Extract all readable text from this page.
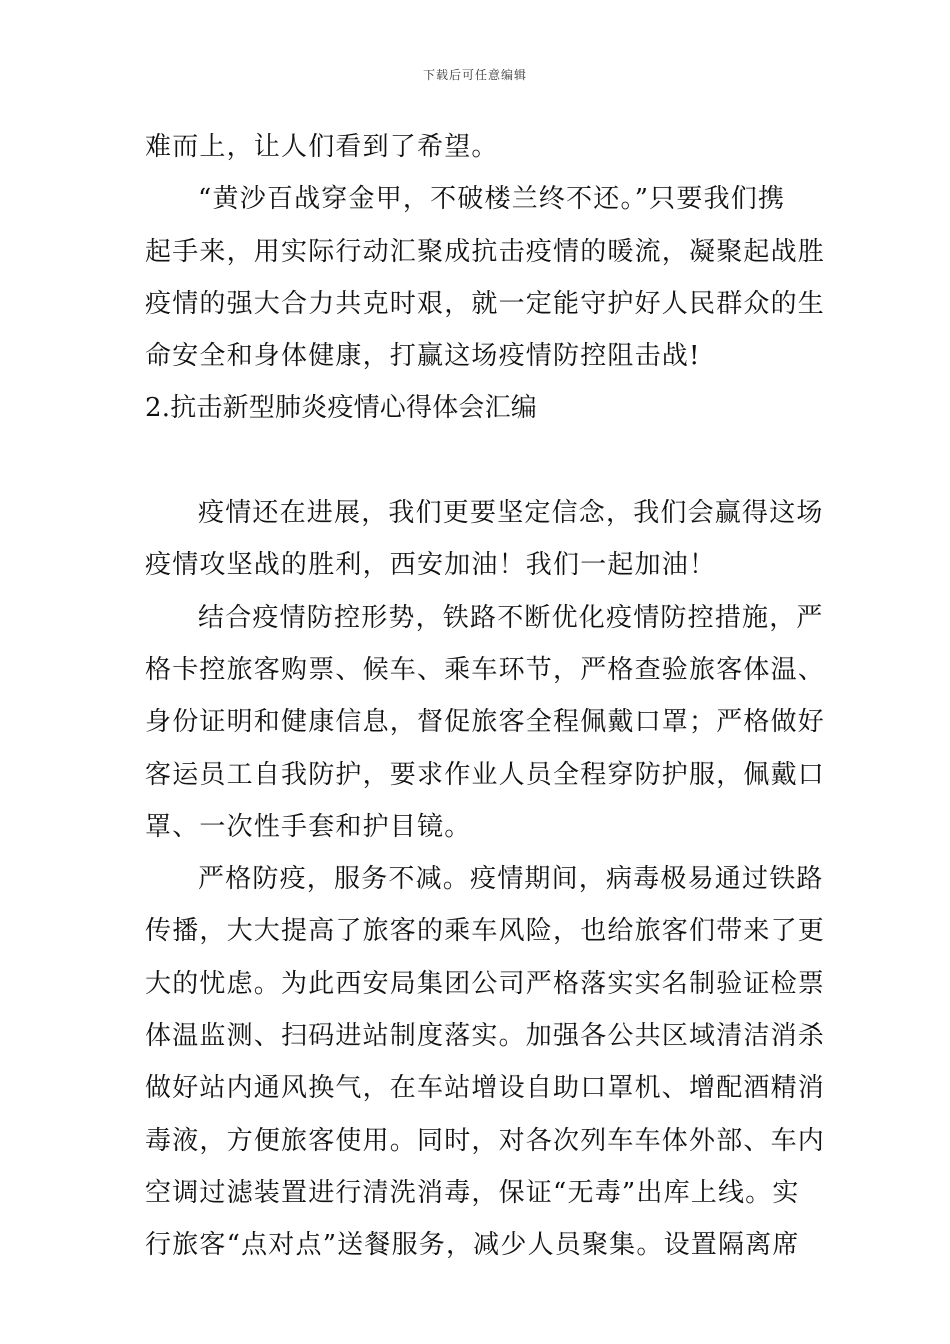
下载后可任意编辑
难而上，让人们看到了希望。
“黄沙百战穿金甲，不破楼兰终不还。”只要我们携
起手来，用实际行动汇聚成抗击疫情的暖流，凝聚起战胜
疫情的强大合力共克时艰，就一定能守护好人民群众的生
命安全和身体健康，打赢这场疫情防控阻击战!
2.抗击新型肺炎疫情心得体会汇编
疫情还在进展，我们更要坚定信念，我们会赢得这场
疫情攻坚战的胜利，西安加油！我们一起加油！
结合疫情防控形势，铁路不断优化疫情防控措施，严
格卡控旅客购票、候车、乘车环节，严格查验旅客体温、
身份证明和健康信息，督促旅客全程佩戴口罩；严格做好
客运员工自我防护，要求作业人员全程穿防护服，佩戴口
罩、一次性手套和护目镜。
严格防疫，服务不减。疫情期间，病毒极易通过铁路
传播，大大提高了旅客的乘车风险，也给旅客们带来了更
大的忧虑。为此西安局集团公司严格落实实名制验证检票
体温监测、扫码进站制度落实。加强各公共区域清洁消杀
做好站内通风换气，在车站增设自助口罩机、增配酒精消
毒液，方便旅客使用。同时，对各次列车车体外部、车内
空调过滤装置进行清洗消毒，保证“无毒”出库上线。实
行旅客“点对点”送餐服务，减少人员聚集。设置隔离席
